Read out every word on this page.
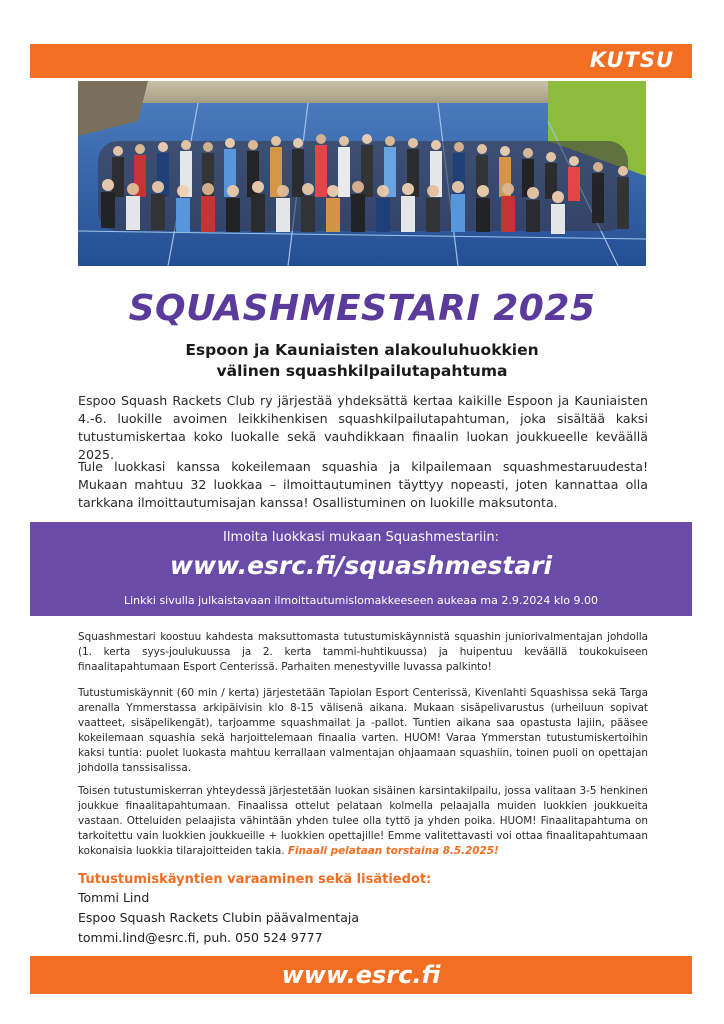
KUTSU
SQUASHMESTARI 2025
Espoon ja Kauniaisten alakouluhuokkien
välinen squashkilpailutapahtuma

Espoo Squash Rackets Club ry järjestää yhdeksättä kertaa kaikille Espoon ja Kauniaisten 4.-6. luokille avoimen leikkihenkisen squashkilpailutapahtuman, joka sisältää kaksi tutustumiskertaa koko luokalle sekä vauhdikkaan finaalin luokan joukkueelle keväällä 2025.

Tule luokkasi kanssa kokeilemaan squashia ja kilpailemaan squashmestaruudesta! Mukaan mahtuu 32 luokkaa – ilmoittautuminen täyttyy nopeasti, joten kannattaa olla tarkkana ilmoittautumisajan kanssa! Osallistuminen on luokille maksutonta.

Ilmoita luokkasi mukaan Squashmestariin:
www.esrc.fi/squashmestari
Linkki sivulla julkaistavaan ilmoittautumislomakkeeseen aukeaa ma 2.9.2024 klo 9.00

Squashmestari koostuu kahdesta maksuttomasta tutustumiskäynnistä squashin juniorivalmentajan johdolla (1. kerta syys-joulukuussa ja 2. kerta tammi-huhtikuussa) ja huipentuu keväällä toukokuiseen finaalitapahtumaan Esport Centerissä. Parhaiten menestyville luvassa palkinto!

Tutustumiskäynnit (60 min / kerta) järjestetään Tapiolan Esport Centerissä, Kivenlahti Squashissa sekä Targa arenalla Ymmerstassa arkipäivisin klo 8-15 välisenä aikana. Mukaan sisäpelivarustus (urheiluun sopivat vaatteet, sisäpelikengät), tarjoamme squashmailat ja -pallot. Tuntien aikana saa opastusta lajiin, pääsee kokeilemaan squashia sekä harjoittelemaan finaalia varten. HUOM! Varaa Ymmerstan tutustumiskertoihin kaksi tuntia: puolet luokasta mahtuu kerrallaan valmentajan ohjaamaan squashiin, toinen puoli on opettajan johdolla tanssisalissa.

Toisen tutustumiskerran yhteydessä järjestetään luokan sisäinen karsintakilpailu, jossa valitaan 3-5 henkinen joukkue finaalitapahtumaan. Finaalissa ottelut pelataan kolmella pelaajalla muiden luokkien joukkueita vastaan. Otteluiden pelaajista vähintään yhden tulee olla tyttö ja yhden poika. HUOM! Finaalitapahtuma on tarkoitettu vain luokkien joukkueille + luokkien opettajille! Emme valitettavasti voi ottaa finaalitapahtumaan kokonaisia luokkia tilarajoitteiden takia. Finaali pelataan torstaina 8.5.2025!

Tutustumiskäyntien varaaminen sekä lisätiedot:
Tommi Lind
Espoo Squash Rackets Clubin päävalmentaja
tommi.lind@esrc.fi, puh. 050 524 9777
www.esrc.fi
